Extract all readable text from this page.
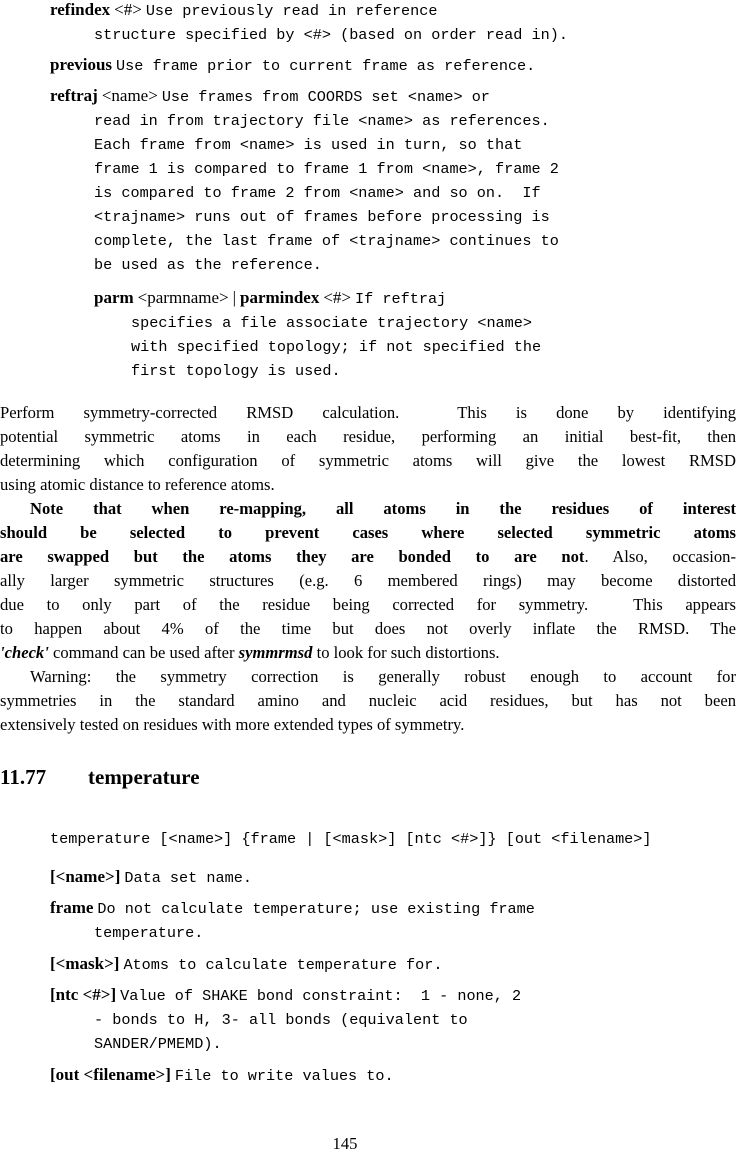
refindex <#> Use previously read in reference
structure specified by <#> (based on order read in).
previous Use frame prior to current frame as reference.
reftraj <name> Use frames from COORDS set <name> or
read in from trajectory file <name> as references.
Each frame from <name> is used in turn, so that
frame 1 is compared to frame 1 from <name>, frame 2
is compared to frame 2 from <name> and so on.  If
<trajname> runs out of frames before processing is
complete, the last frame of <trajname> continues to
be used as the reference.
parm <parmname> | parmindex <#> If reftraj
specifies a file associate trajectory <name>
with specified topology; if not specified the
first topology is used.
Perform symmetry-corrected RMSD calculation.  This is done by identifying
potential symmetric atoms in each residue, performing an initial best-fit, then
determining which configuration of symmetric atoms will give the lowest RMSD
using atomic distance to reference atoms.
Note that when re-mapping, all atoms in the residues of interest
should be selected to prevent cases where selected symmetric atoms
are swapped but the atoms they are bonded to are not. Also, occasion-
ally larger symmetric structures (e.g. 6 membered rings) may become distorted
due to only part of the residue being corrected for symmetry.  This appears
to happen about 4% of the time but does not overly inflate the RMSD. The
'check' command can be used after symmrmsd to look for such distortions.
Warning: the symmetry correction is generally robust enough to account for
symmetries in the standard amino and nucleic acid residues, but has not been
extensively tested on residues with more extended types of symmetry.
11.77 temperature
temperature [<name>] {frame | [<mask>] [ntc <#>]} [out <filename>]
[<name>] Data set name.
frame Do not calculate temperature; use existing frame
temperature.
[<mask>] Atoms to calculate temperature for.
[ntc <#>] Value of SHAKE bond constraint:  1 - none, 2
- bonds to H, 3- all bonds (equivalent to
SANDER/PMEMD).
[out <filename>] File to write values to.
145
